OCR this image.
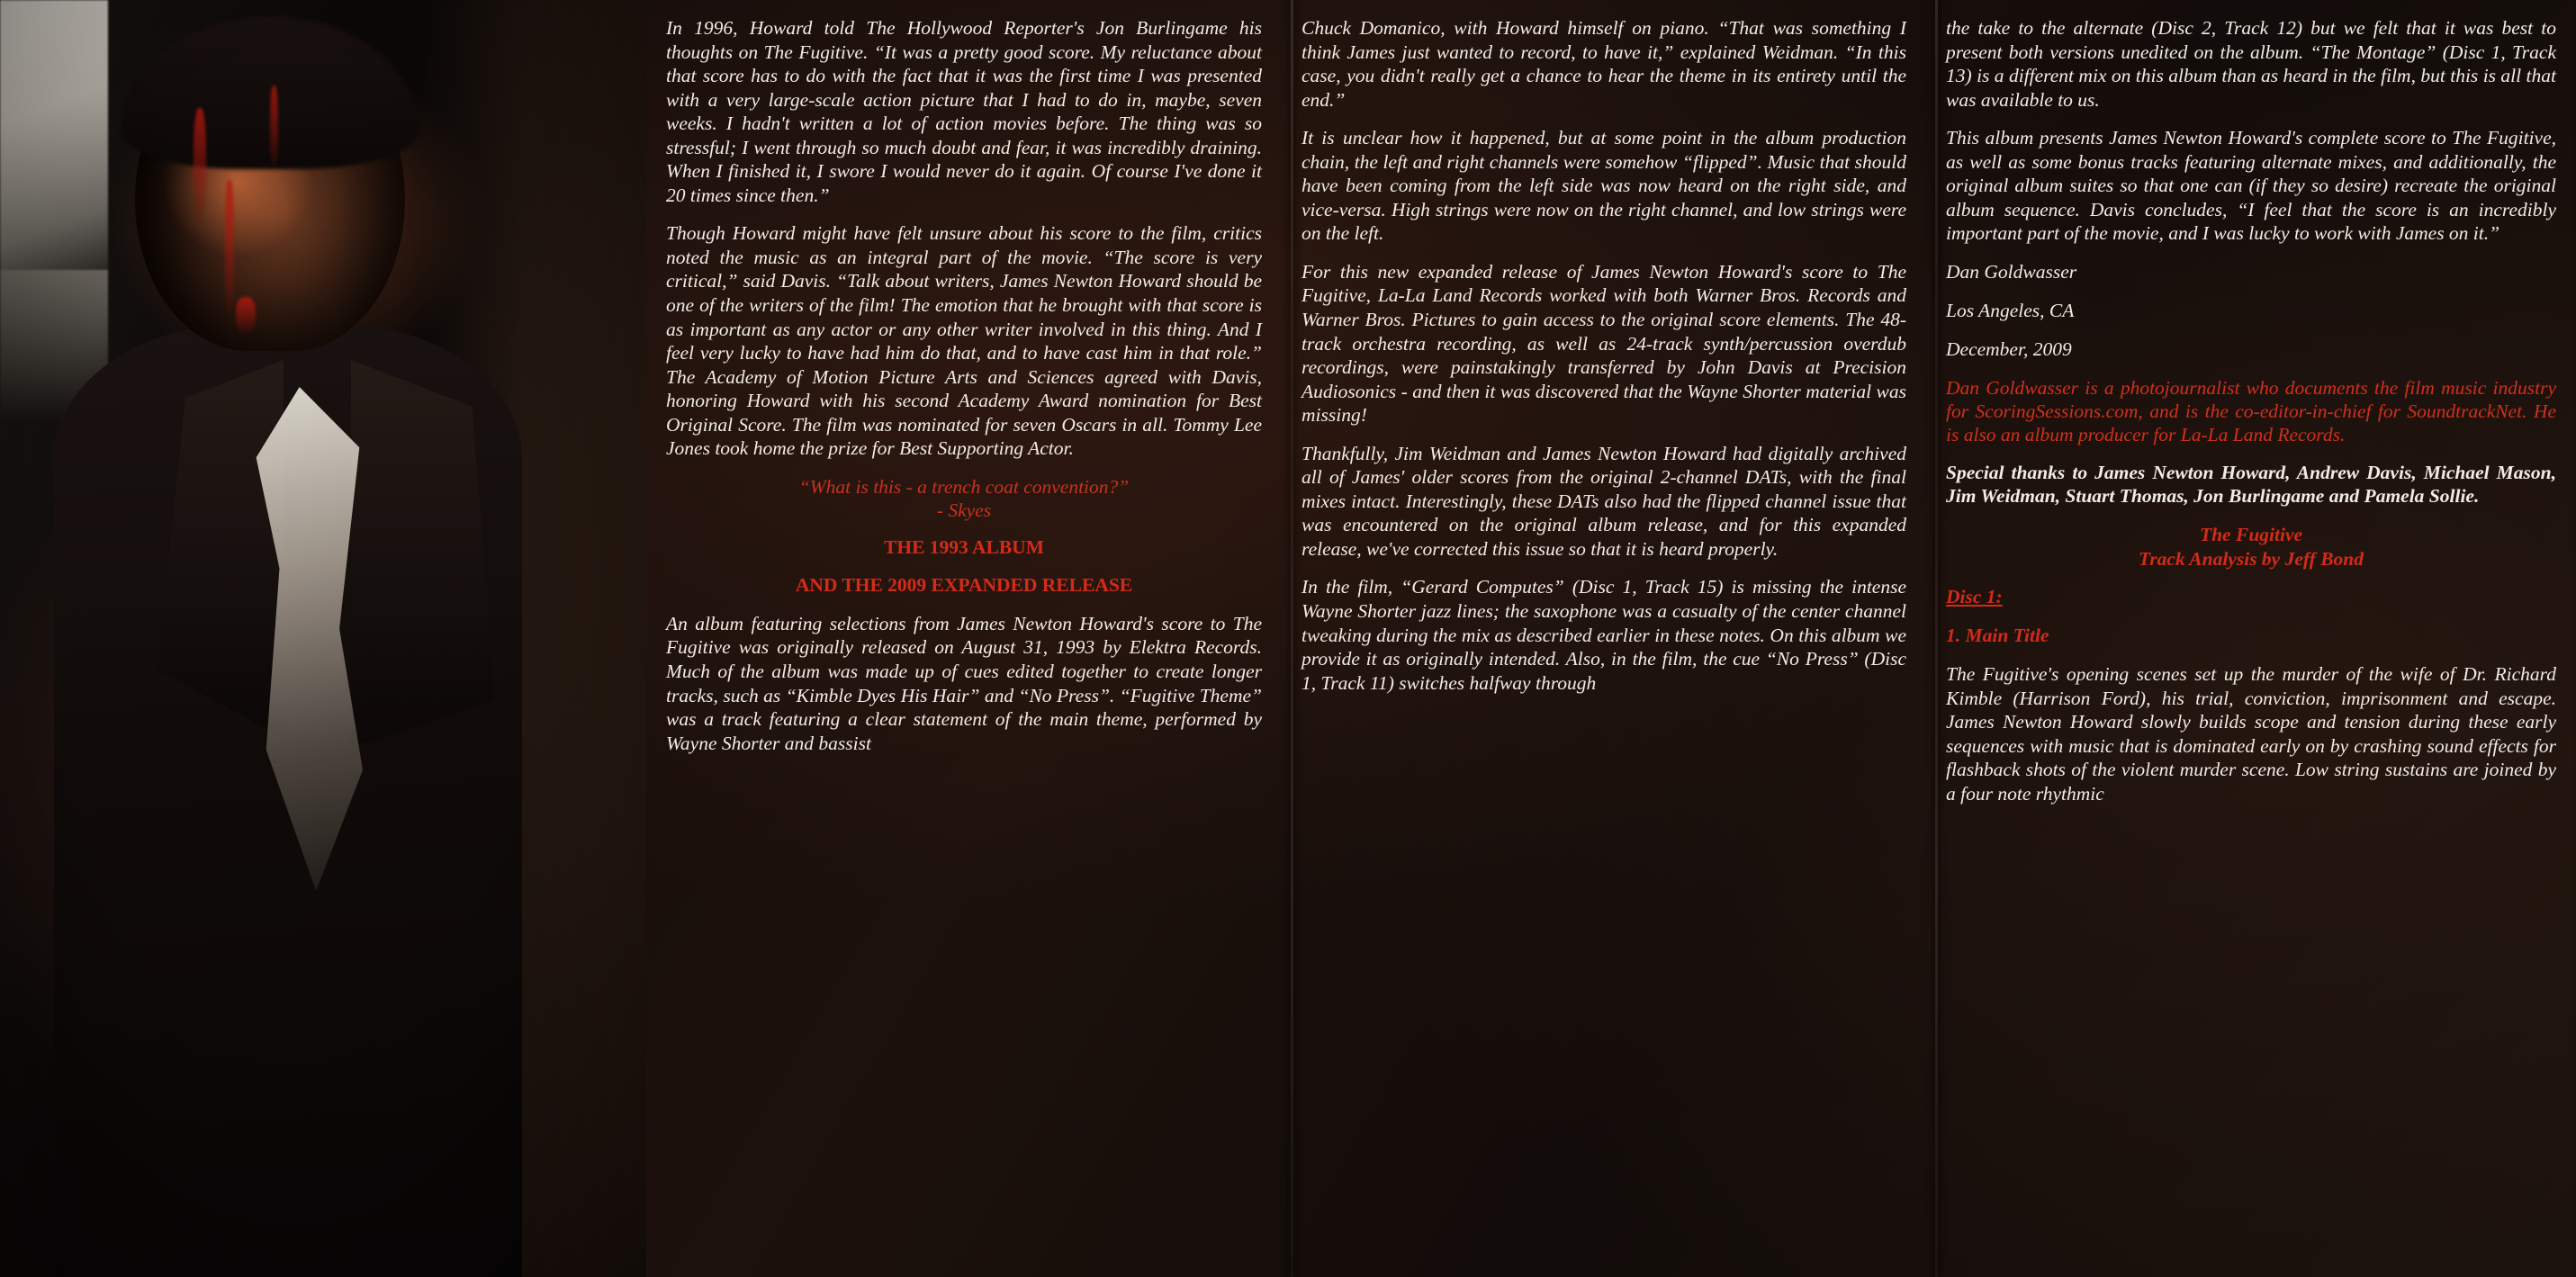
In 1996, Howard told The Hollywood Reporter's Jon Burlingame his thoughts on The Fugitive. “It was a pretty good score. My reluctance about that score has to do with the fact that it was the first time I was presented with a very large-scale action picture that I had to do in, maybe, seven weeks. I hadn't written a lot of action movies before. The thing was so stressful; I went through so much doubt and fear, it was incredibly draining. When I finished it, I swore I would never do it again. Of course I've done it 20 times since then.”

Though Howard might have felt unsure about his score to the film, critics noted the music as an integral part of the movie. “The score is very critical,” said Davis. “Talk about writers, James Newton Howard should be one of the writers of the film! The emotion that he brought with that score is as important as any actor or any other writer involved in this thing. And I feel very lucky to have had him do that, and to have cast him in that role.” The Academy of Motion Picture Arts and Sciences agreed with Davis, honoring Howard with his second Academy Award nomination for Best Original Score. The film was nominated for seven Oscars in all. Tommy Lee Jones took home the prize for Best Supporting Actor.

“What is this - a trench coat convention?”
- Skyes

THE 1993 ALBUM

AND THE 2009 EXPANDED RELEASE

An album featuring selections from James Newton Howard's score to The Fugitive was originally released on August 31, 1993 by Elektra Records. Much of the album was made up of cues edited together to create longer tracks, such as “Kimble Dyes His Hair” and “No Press”. “Fugitive Theme” was a track featuring a clear statement of the main theme, performed by Wayne Shorter and bassist

Chuck Domanico, with Howard himself on piano. “That was something I think James just wanted to record, to have it,” explained Weidman. “In this case, you didn't really get a chance to hear the theme in its entirety until the end.”

It is unclear how it happened, but at some point in the album production chain, the left and right channels were somehow “flipped”. Music that should have been coming from the left side was now heard on the right side, and vice-versa. High strings were now on the right channel, and low strings were on the left.

For this new expanded release of James Newton Howard's score to The Fugitive, La-La Land Records worked with both Warner Bros. Records and Warner Bros. Pictures to gain access to the original score elements. The 48-track orchestra recording, as well as 24-track synth/percussion overdub recordings, were painstakingly transferred by John Davis at Precision Audiosonics - and then it was discovered that the Wayne Shorter material was missing!

Thankfully, Jim Weidman and James Newton Howard had digitally archived all of James' older scores from the original 2-channel DATs, with the final mixes intact. Interestingly, these DATs also had the flipped channel issue that was encountered on the original album release, and for this expanded release, we've corrected this issue so that it is heard properly.

In the film, “Gerard Computes” (Disc 1, Track 15) is missing the intense Wayne Shorter jazz lines; the saxophone was a casualty of the center channel tweaking during the mix as described earlier in these notes. On this album we provide it as originally intended. Also, in the film, the cue “No Press” (Disc 1, Track 11) switches halfway through

the take to the alternate (Disc 2, Track 12) but we felt that it was best to present both versions unedited on the album. “The Montage” (Disc 1, Track 13) is a different mix on this album than as heard in the film, but this is all that was available to us.

This album presents James Newton Howard's complete score to The Fugitive, as well as some bonus tracks featuring alternate mixes, and additionally, the original album suites so that one can (if they so desire) recreate the original album sequence. Davis concludes, “I feel that the score is an incredibly important part of the movie, and I was lucky to work with James on it.”

Dan Goldwasser

Los Angeles, CA

December, 2009

Dan Goldwasser is a photojournalist who documents the film music industry for ScoringSessions.com, and is the co-editor-in-chief for SoundtrackNet. He is also an album producer for La-La Land Records.

Special thanks to James Newton Howard, Andrew Davis, Michael Mason, Jim Weidman, Stuart Thomas, Jon Burlingame and Pamela Sollie.

The Fugitive
Track Analysis by Jeff Bond

Disc 1:

1. Main Title

The Fugitive's opening scenes set up the murder of the wife of Dr. Richard Kimble (Harrison Ford), his trial, conviction, imprisonment and escape. James Newton Howard slowly builds scope and tension during these early sequences with music that is dominated early on by crashing sound effects for flashback shots of the violent murder scene. Low string sustains are joined by a four note rhythmic
